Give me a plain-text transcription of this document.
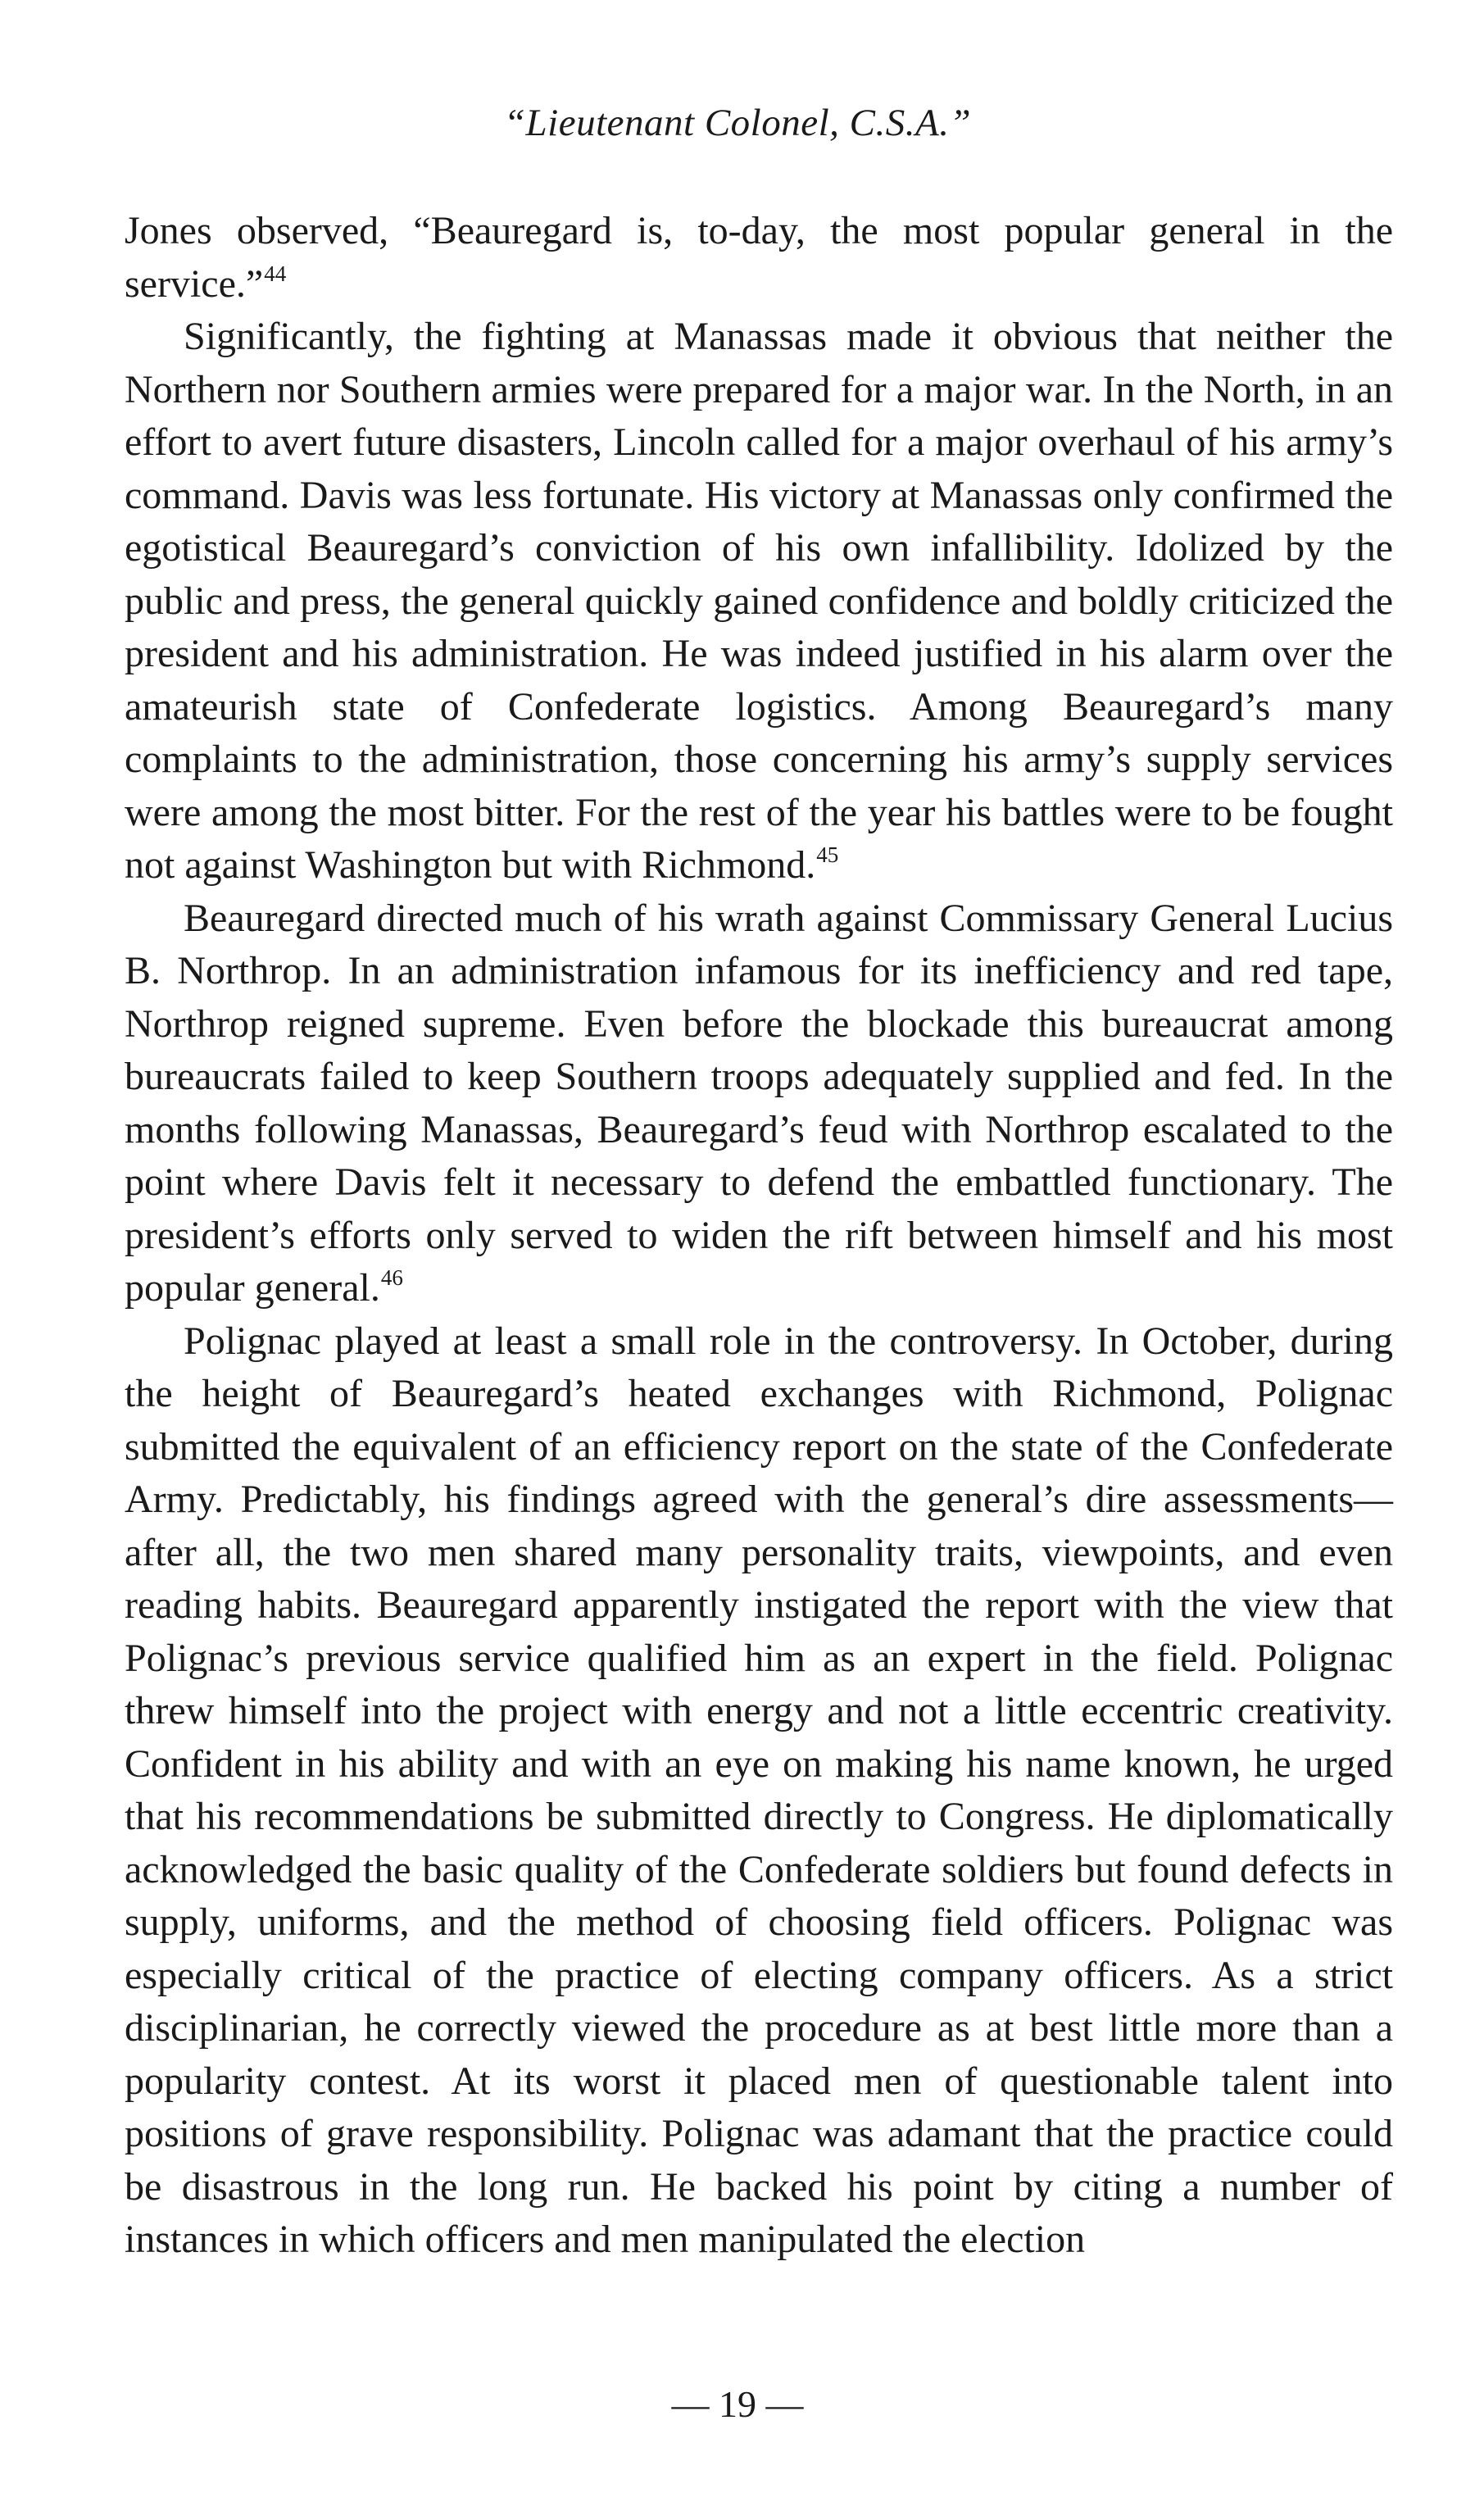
“Lieutenant Colonel, C.S.A.”

Jones observed, “Beauregard is, to-day, the most popular general in the service.”$^{44}$

Significantly, the fighting at Manassas made it obvious that neither the Northern nor Southern armies were prepared for a major war. In the North, in an effort to avert future disasters, Lincoln called for a major overhaul of his army’s command. Davis was less fortunate. His victory at Manassas only confirmed the egotistical Beauregard’s conviction of his own infallibility. Idolized by the public and press, the general quickly gained confidence and boldly criticized the president and his administration. He was indeed justified in his alarm over the amateurish state of Confederate logistics. Among Beauregard’s many complaints to the administration, those concerning his army’s supply services were among the most bitter. For the rest of the year his battles were to be fought not against Washington but with Richmond.$^{45}$

Beauregard directed much of his wrath against Commissary General Lucius B. Northrop. In an administration infamous for its inefficiency and red tape, Northrop reigned supreme. Even before the blockade this bureaucrat among bureaucrats failed to keep Southern troops adequately supplied and fed. In the months following Manassas, Beauregard’s feud with Northrop escalated to the point where Davis felt it necessary to defend the embattled functionary. The president’s efforts only served to widen the rift between himself and his most popular general.$^{46}$

Polignac played at least a small role in the controversy. In October, during the height of Beauregard’s heated exchanges with Richmond, Polignac submitted the equivalent of an efficiency report on the state of the Confederate Army. Predictably, his findings agreed with the general’s dire assessments—after all, the two men shared many personality traits, viewpoints, and even reading habits. Beauregard apparently instigated the report with the view that Polignac’s previous service qualified him as an expert in the field. Polignac threw himself into the project with energy and not a little eccentric creativity. Confident in his ability and with an eye on making his name known, he urged that his recommendations be submitted directly to Congress. He diplomatically acknowledged the basic quality of the Confederate soldiers but found defects in supply, uniforms, and the method of choosing field officers. Polignac was especially critical of the practice of electing company officers. As a strict disciplinarian, he correctly viewed the procedure as at best little more than a popularity contest. At its worst it placed men of questionable talent into positions of grave responsibility. Polignac was adamant that the practice could be disastrous in the long run. He backed his point by citing a number of instances in which officers and men manipulated the election

— 19 —
